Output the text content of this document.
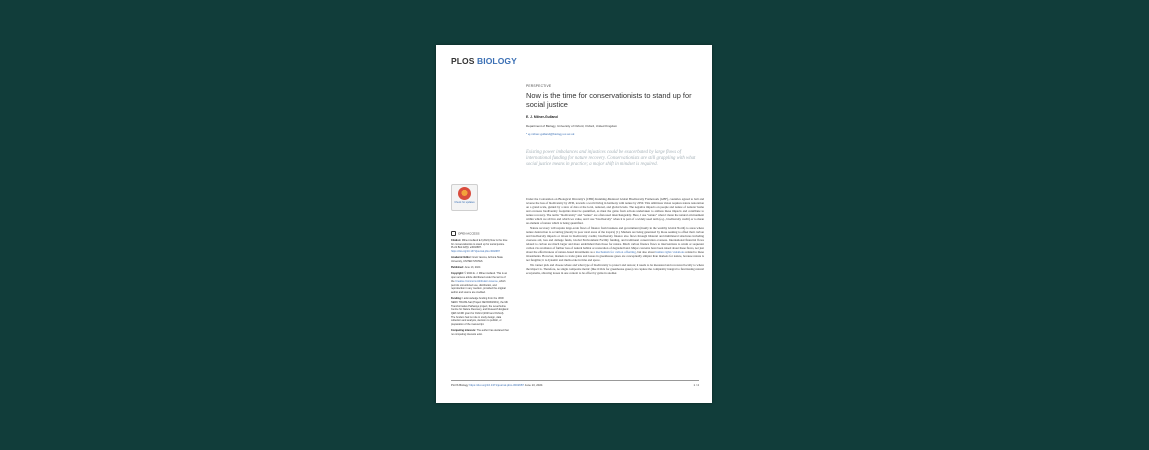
PLOS BIOLOGY
PERSPECTIVE
Now is the time for conservationists to stand up for social justice
E. J. Milner-Gulland
Department of Biology, University of Oxford, Oxford, United Kingdom
* ej.milner-gulland@biology.ox.ac.uk
Existing power imbalances and injustices could be exacerbated by large flows of international funding for nature recovery. Conservationists are still grappling with what social justice means in practice; a major shift in mindset is required.
Check for updates
OPEN ACCESS

Citation: Milner-Gulland EJ (2024) Now is the time for conservationists to stand up for social justice. PLoS Biol 22(6): e3002687. https://doi.org/10.1371/journal.pbio.3002687

Academic Editor: Gretz Iacona, Arizona State University, UNITED STATES

Published: June 13, 2024

Copyright: © 2024 E. J. Milner-Gulland. This is an open access article distributed under the terms of the Creative Commons Attribution License, which permits unrestricted use, distribution, and reproduction in any medium, provided the original author and source are credited.

Funding: I acknowledge funding from the UKRI NERC TRANS-Sat (Project NE/X006166/1), the Mit Transformative Pathways project, the Leverhulme Centre for Nature Recovery, and Research England QEP-GCRF grant for Oxford (2023 and Oxford). The funders had no role in study design, data collection and analysis, decision to publish, or preparation of the manuscript.

Competing interests: The author has declared that no competing interests exist.

Under the Convention on Biological Diversity's (CBD) Kunming-Montreal Global Biodiversity Framework (GBF), countries agreed to halt and reverse the loss of biodiversity by 2030, towards a world living in harmony with nature by 2050. This ambitious vision requires nature restoration on a grand scale, guided by a slew of data at the local, national, and global levels. The negative impacts on people and nature of nations' home and overseas biodiversity footprints must be quantified, as must the gains from actions undertaken to address these impacts and contribute to nature recovery. The terms "biodiversity" and "nature" are often used interchangeably. Here, I use "nature" when I mean the natural environment within which we all live and which we value, and I use "biodiversity" when it is part of a widely used term (e.g., biodiversity credit) or to mean an element of nature which is being quantified.

Nature recovery will require large-scale flows of finance from business and government (mostly in the wealthy Global North) to areas where nature destruction is occurring (mostly in poor rural areas of the tropics) [1]. Markets are being generated by those seeking to offset their carbon and biodiversity impacts or invest in biodiversity credits; biodiversity finance also flows through bilateral and multilateral structures including overseas aid, loss and damage funds, Global Environment Facility funding, and traditional conservation overseas. International financial flows related to carbon are much larger and more established than those for nature. Much carbon finance flows to interventions to retain or sequester carbon via avoidance of further loss of natural habitat or restoration of degraded land. Major concerns have been raised about these flows, not just about the effectiveness of nature-based investments as a mechanism for carbon offsetting, but also about human rights violations related to these investments. However, markets to trade gains and losses in greenhouse gases are conceptually simpler than markets for nature, because nature is not fungible; it is dynamic and multi-scale in time and space.

We cannot pick and choose where and what type of biodiversity to protect and restore; it needs to be measured and recovered locally to where the impact is. Therefore, no single composite metric (like tCO2e for greenhouse gases) can capture the complexity integral to functioning natural ecosystems, allowing losses in one context to be offset by gains in another.

PLOS Biology https://doi.org/10.1371/journal.pbio.3002687 June 13, 2024	1 / 4
